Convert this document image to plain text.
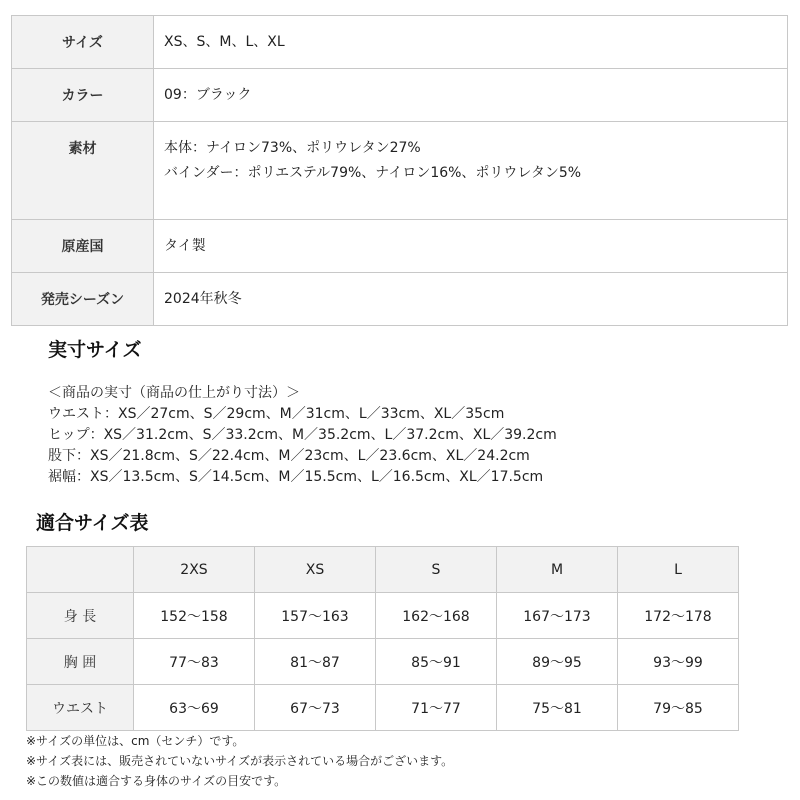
サイズ	XS、S、M、L、XL

カラー	09：ブラック

素材	本体：ナイロン73%、ポリウレタン27%
バインダー：ポリエステル79%、ナイロン16%、ポリウレタン5%

原産国	タイ製

発売シーズン	2024年秋冬
実寸サイズ
＜商品の実寸（商品の仕上がり寸法）＞
ウエスト：XS／27cm、S／29cm、M／31cm、L／33cm、XL／35cm
ヒップ：XS／31.2cm、S／33.2cm、M／35.2cm、L／37.2cm、XL／39.2cm
股下：XS／21.8cm、S／22.4cm、M／23cm、L／23.6cm、XL／24.2cm
裾幅：XS／13.5cm、S／14.5cm、M／15.5cm、L／16.5cm、XL／17.5cm
適合サイズ表
	2XS	XS	S	M	L
身 長	152〜158	157〜163	162〜168	167〜173	172〜178
胸 囲	77〜83	81〜87	85〜91	89〜95	93〜99
ウエスト	63〜69	67〜73	71〜77	75〜81	79〜85
※サイズの単位は、cm（センチ）です。
※サイズ表には、販売されていないサイズが表示されている場合がございます。
※この数値は適合する身体のサイズの目安です。
